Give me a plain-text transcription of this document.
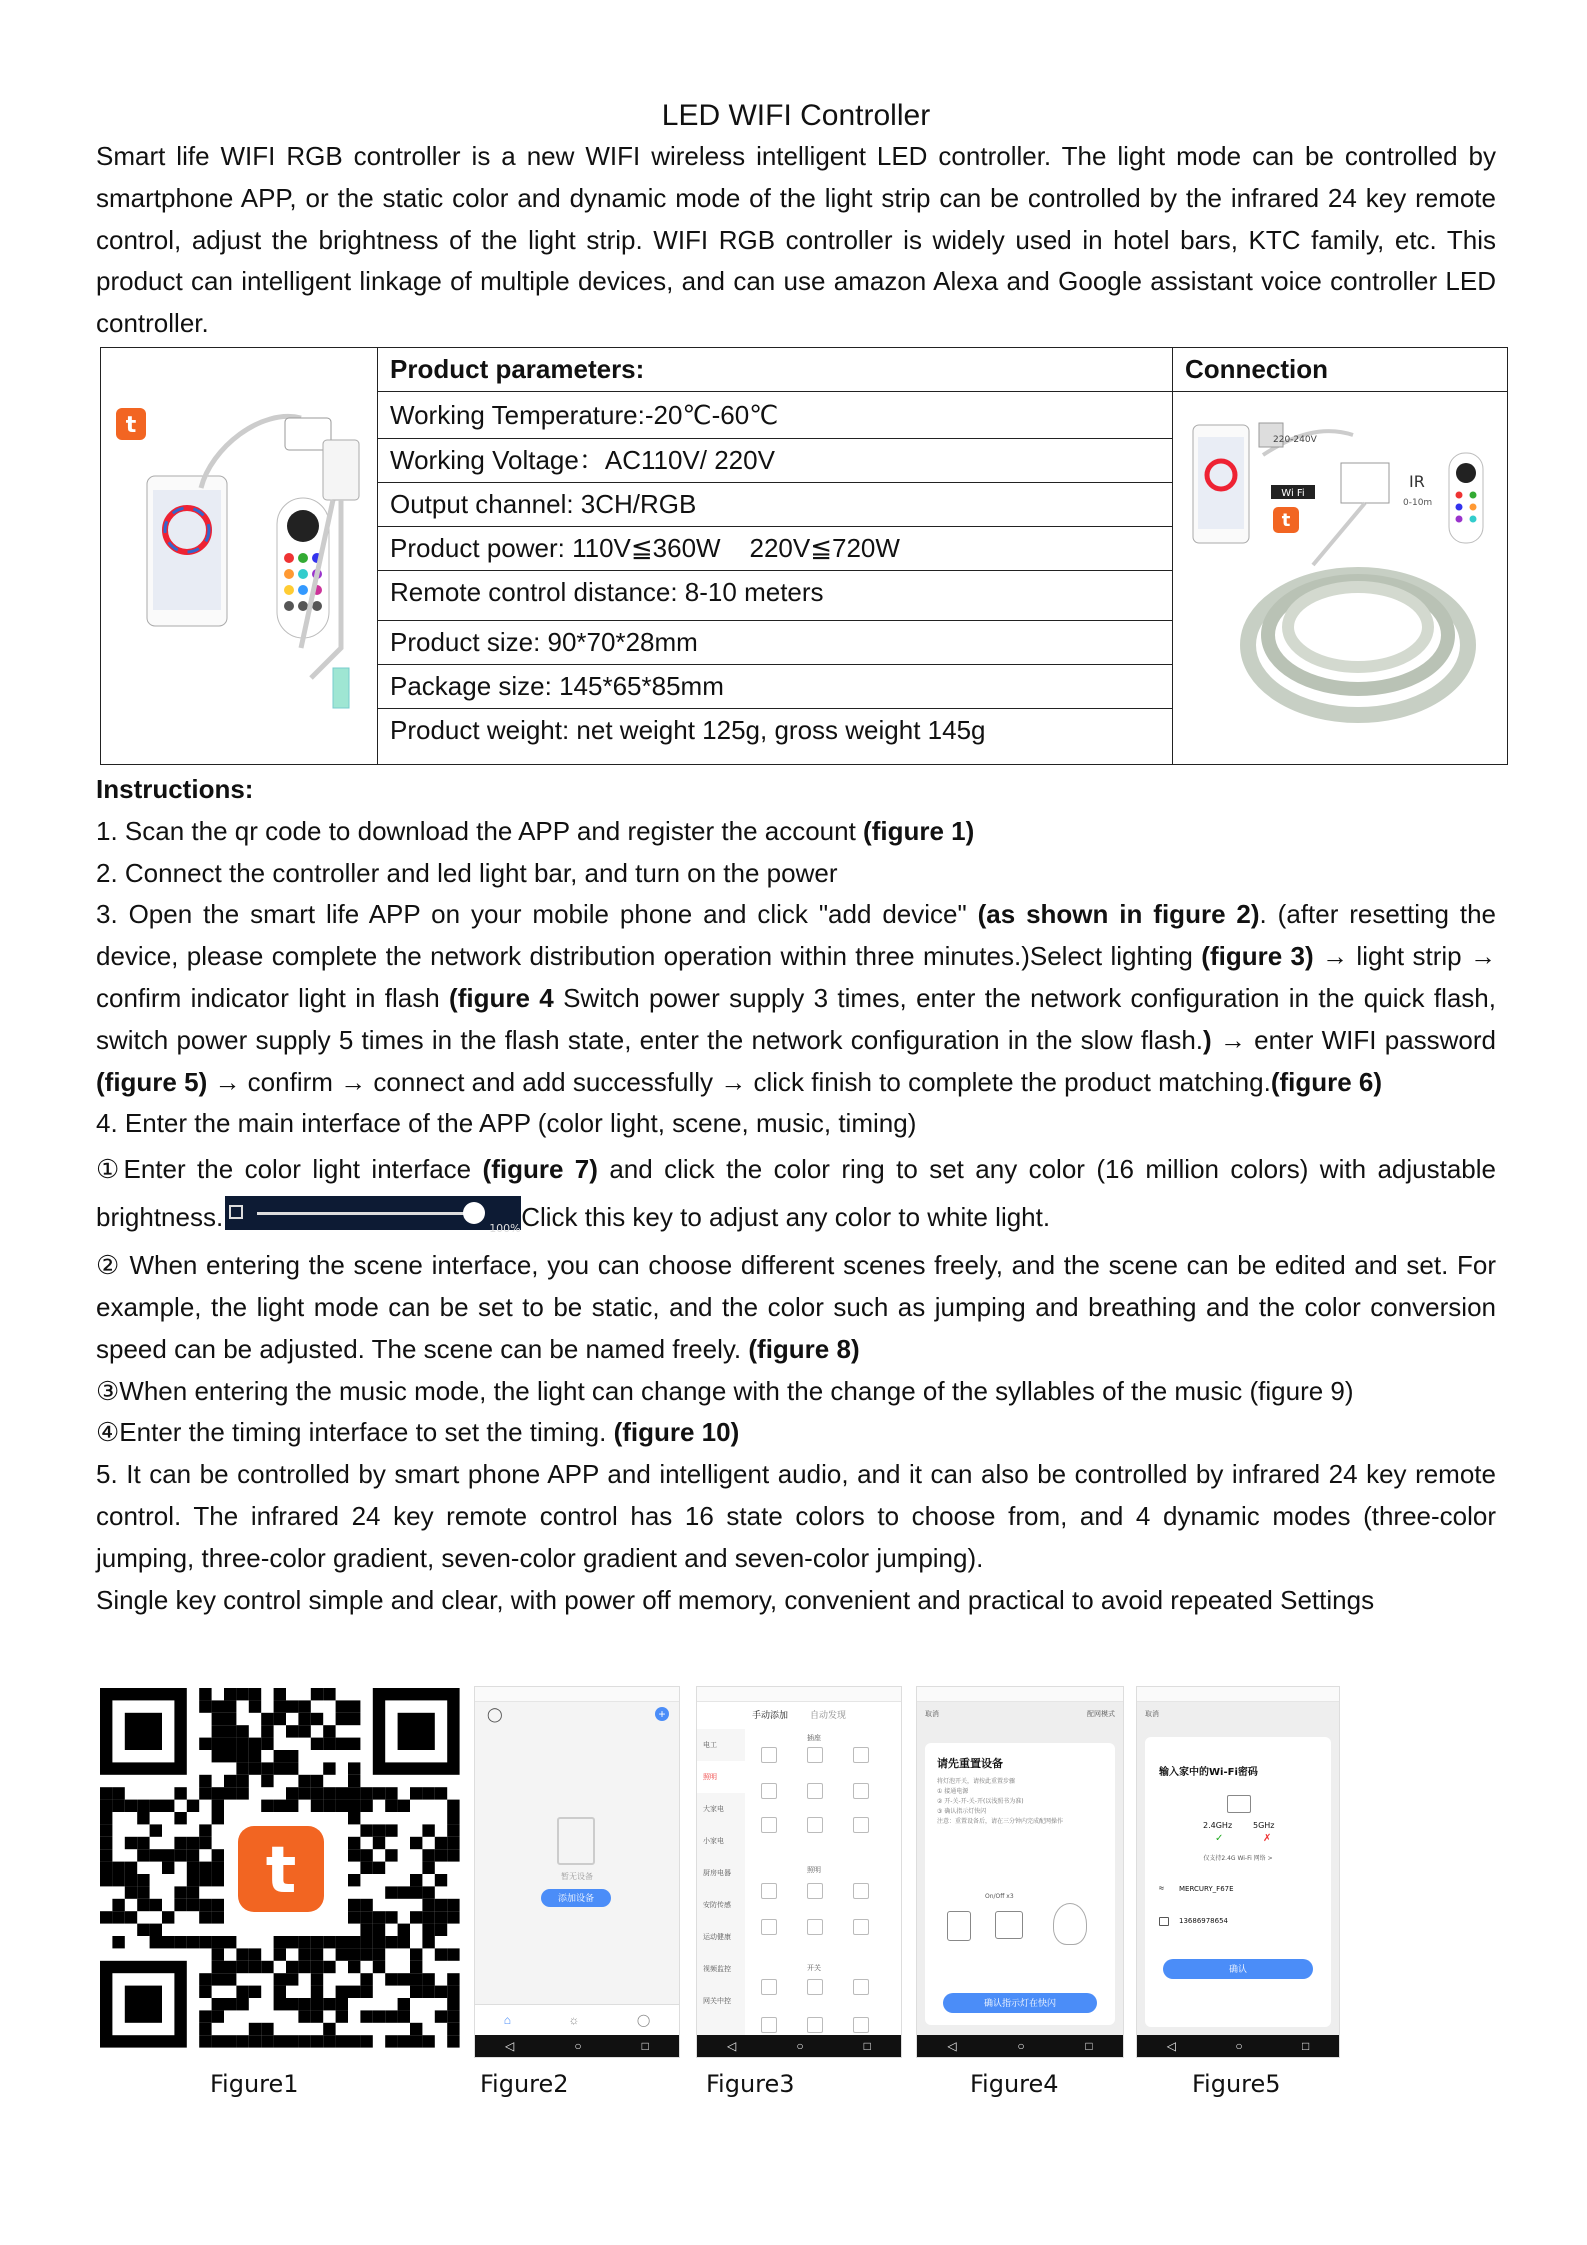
LED WIFI Controller

Smart life WIFI RGB controller is a new WIFI wireless intelligent LED controller. The light mode can be controlled by smartphone APP, or the static color and dynamic mode of the light strip can be controlled by the infrared 24 key remote control, adjust the brightness of the light strip. WIFI RGB controller is widely used in hotel bars, KTC family, etc. This product can intelligent linkage of multiple devices, and can use amazon Alexa and Google assistant voice controller LED controller.

t	Product parameters:	Connection
	Working Temperature:-20℃-60℃	220-240V
Wi Fi
t
IR
0-10m

	Working Voltage：AC110V/ 220V	
	Output channel: 3CH/RGB	
	Product power: 110V≦360W    220V≦720W	
	Remote control distance: 8-10 meters	
	Product size: 90*70*28mm	
	Package size: 145*65*85mm	
	Product weight: net weight 125g, gross weight 145g	

Instructions:

1. Scan the qr code to download the APP and register the account (figure 1)

2. Connect the controller and led light bar, and turn on the power

3. Open the smart life APP on your mobile phone and click "add device" (as shown in figure 2). (after resetting the device, please complete the network distribution operation within three minutes.)Select lighting (figure 3) → light strip → confirm indicator light in flash (figure 4 Switch power supply 3 times, enter the network configuration in the quick flash, switch power supply 5 times in the flash state, enter the network configuration in the slow flash.) → enter WIFI password (figure 5) → confirm → connect and add successfully → click finish to complete the product matching.(figure 6)

4. Enter the main interface of the APP (color light, scene, music, timing)

①Enter the color light interface (figure 7) and click the color ring to set any color (16 million colors) with adjustable brightness.	100% Click this key to adjust any color to white light.

② When entering the scene interface, you can choose different scenes freely, and the scene can be edited and set. For example, the light mode can be set to be static, and the color such as jumping and breathing and the color conversion speed can be adjusted. The scene can be named freely. (figure 8)

③When entering the music mode, the light can change with the change of the syllables of the music (figure 9)

④Enter the timing interface to set the timing. (figure 10)

5. It can be controlled by smart phone APP and intelligent audio, and it can also be controlled by infrared 24 key remote control. The infrared 24 key remote control has 16 state colors to choose from, and 4 dynamic modes (three-color jumping, three-color gradient, seven-color gradient and seven-color jumping).

Single key control simple and clear, with power off memory, convenient and practical to avoid repeated Settings

t
◯	+
暂无设备
添加设备
⌂	☼	◯
◁	○	□
手动添加 自动发现
电工
照明
大家电
小家电
厨房电器
安防传感
运动健康
视频监控
网关中控
插座
照明
开关
◁	○	□
取消	配网模式
请先重置设备
将灯泡开关，请按此重置步骤
① 接通电源
② 开-关-开-关-开(以浅照书为准)
③ 确认指示灯快闪
注意：重置设备后，请在三分钟内完成配网操作
On/Off x3
确认指示灯在快闪
◁	○	□
取消
输入家中的Wi-Fi密码
2.4GHz	5GHz
✓	✗
仅支持2.4G Wi-Fi 网络 >
≈ MERCURY_F67E
13686978654
确认
◁	○	□
Figure1	Figure2	Figure3	Figure4	Figure5
